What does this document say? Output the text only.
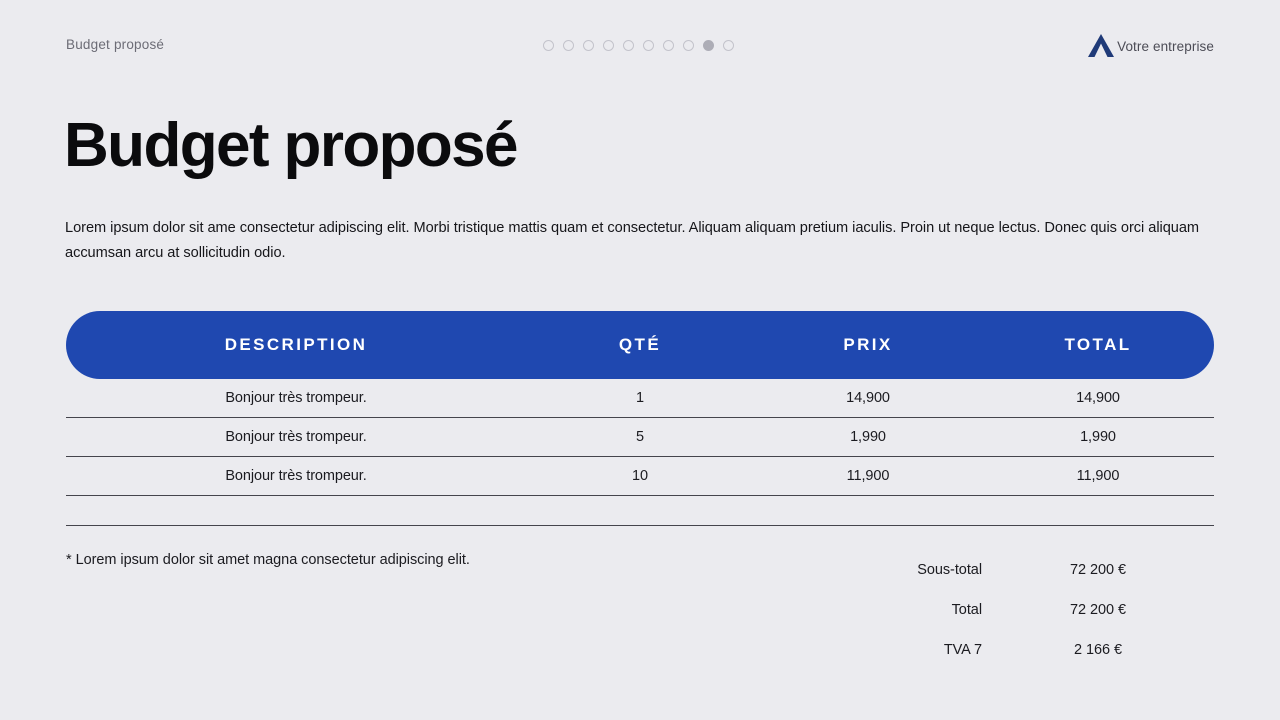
Budget proposé	Votre entreprise
Budget proposé

Lorem ipsum dolor sit ame consectetur adipiscing elit. Morbi tristique mattis quam et consectetur. Aliquam aliquam pretium iaculis. Proin ut neque lectus. Donec quis orci aliquam accumsan arcu at sollicitudin odio.

DESCRIPTION	QTÉ	PRIX	TOTAL
Bonjour très trompeur.	1	14,900	14,900
Bonjour très trompeur.	5	1,990	1,990
Bonjour très trompeur.	10	11,900	11,900
* Lorem ipsum dolor sit amet magna consectetur adipiscing elit.
Sous-total	72 200 €
Total	72 200 €
TVA 7	2 166 €
